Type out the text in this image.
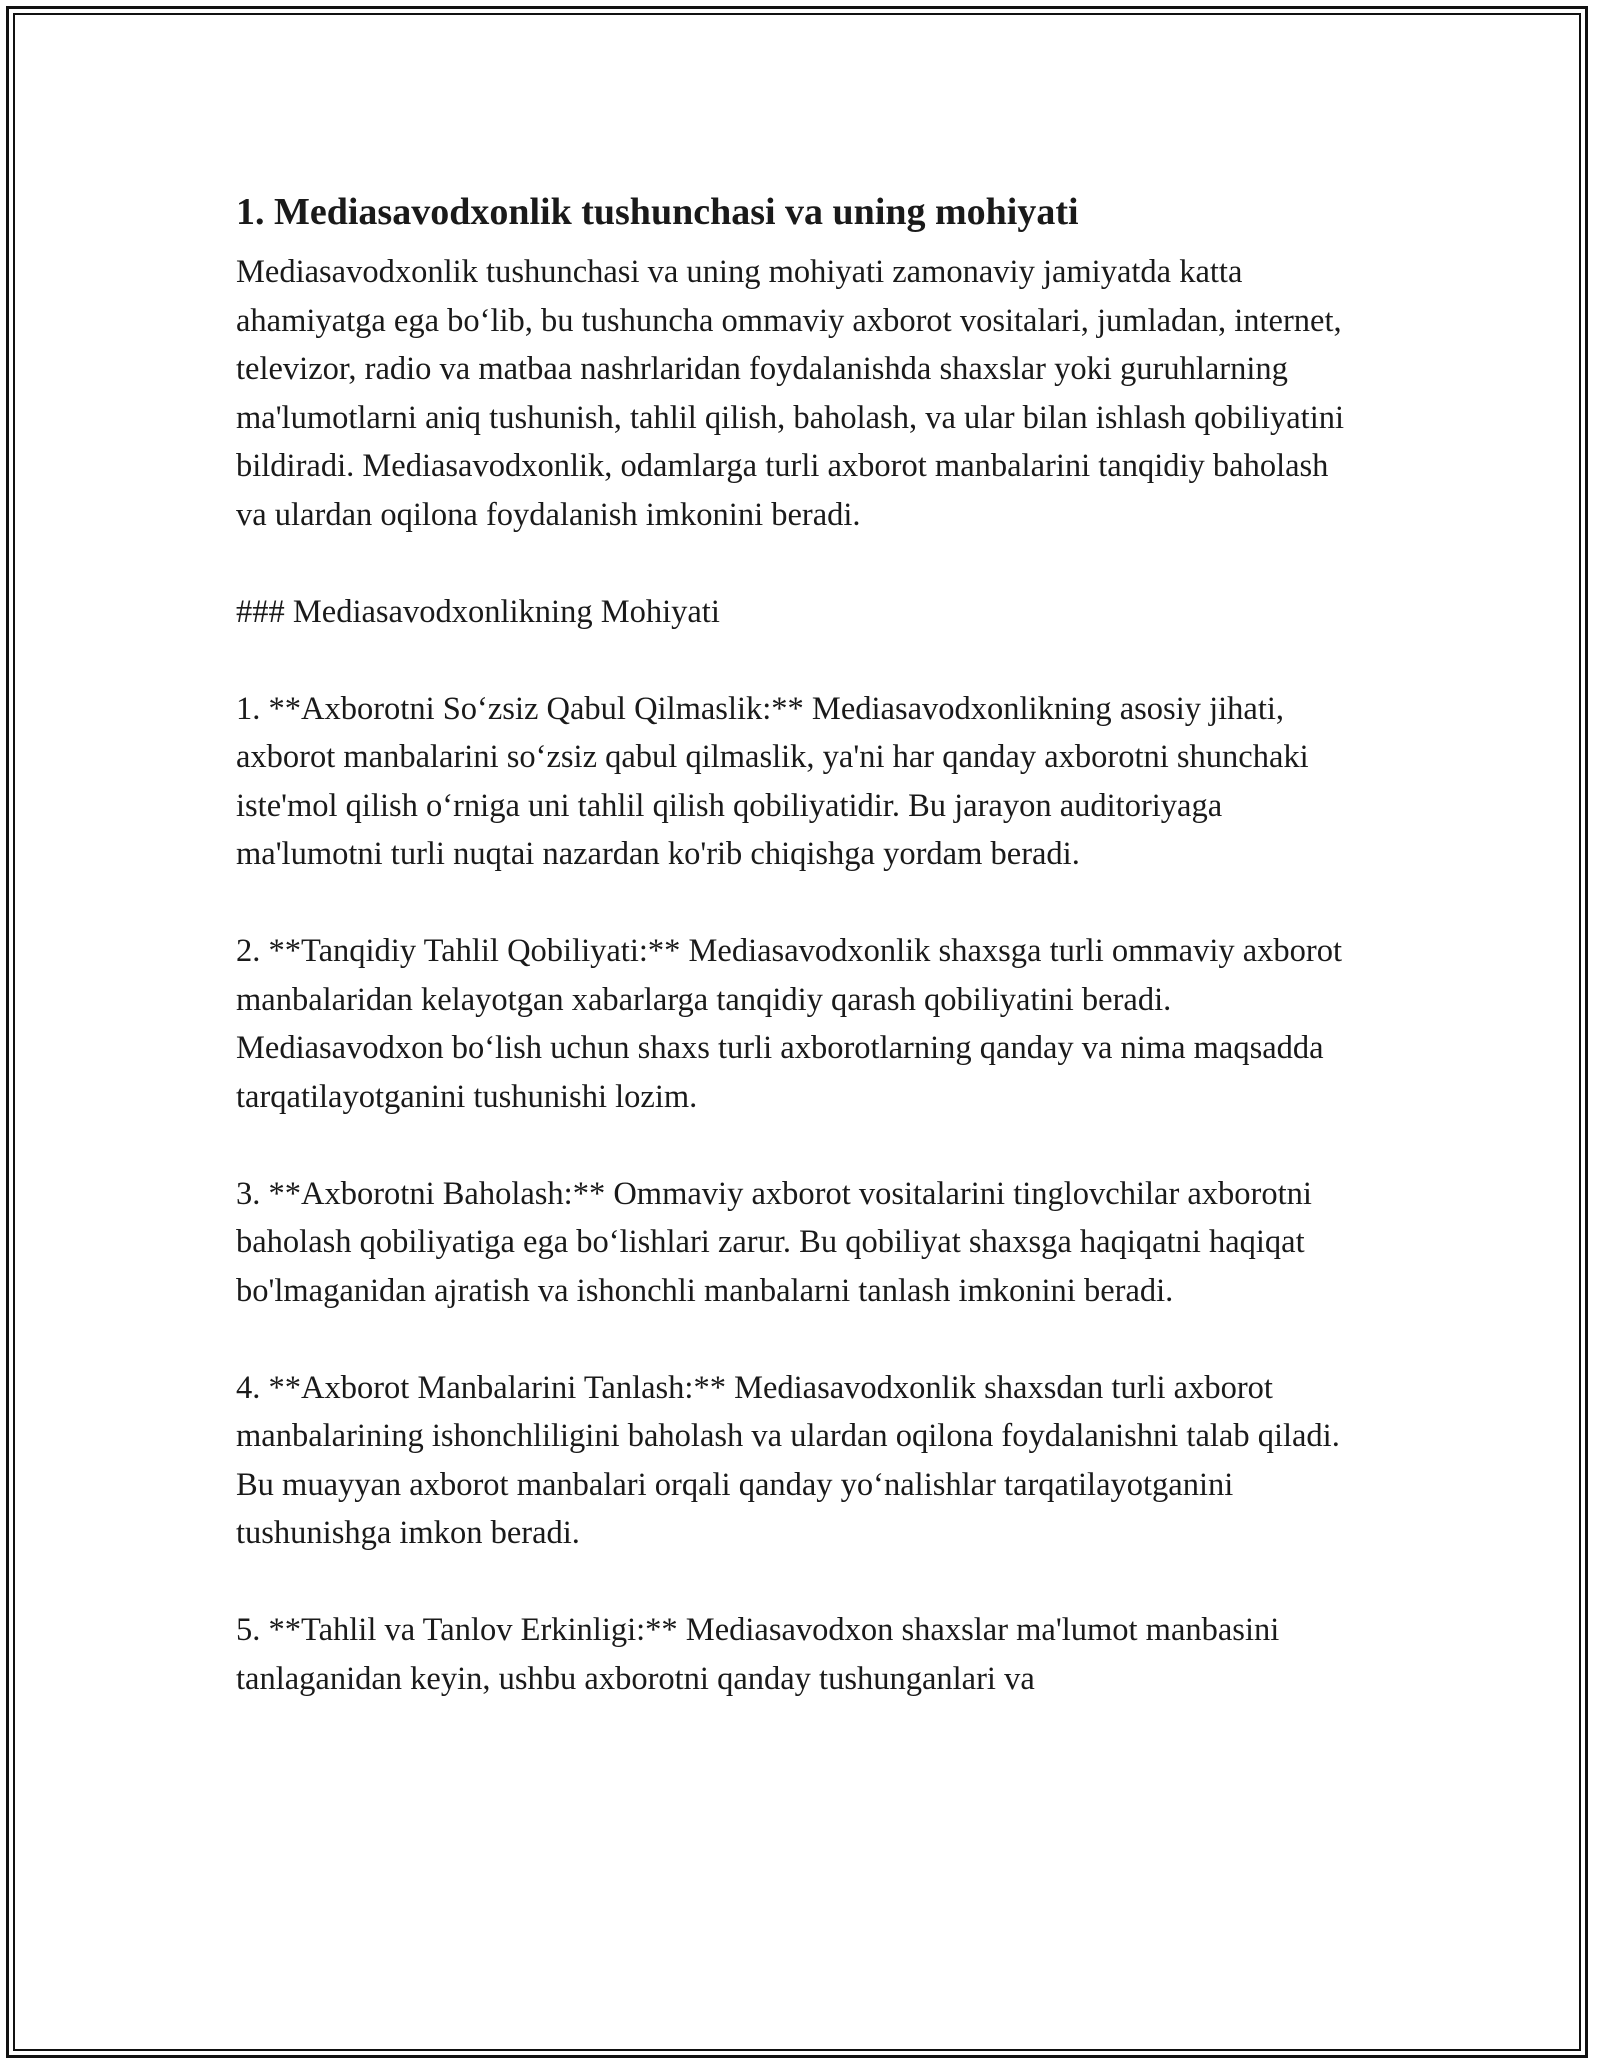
1. Mediasavodxonlik tushunchasi va uning mohiyati

Mediasavodxonlik tushunchasi va uning mohiyati zamonaviy jamiyatda katta ahamiyatga ega bo‘lib, bu tushuncha ommaviy axborot vositalari, jumladan, internet, televizor, radio va matbaa nashrlaridan foydalanishda shaxslar yoki guruhlarning ma'lumotlarni aniq tushunish, tahlil qilish, baholash, va ular bilan ishlash qobiliyatini bildiradi. Mediasavodxonlik, odamlarga turli axborot manbalarini tanqidiy baholash va ulardan oqilona foydalanish imkonini beradi.

### Mediasavodxonlikning Mohiyati

1. **Axborotni So‘zsiz Qabul Qilmaslik:** Mediasavodxonlikning asosiy jihati, axborot manbalarini so‘zsiz qabul qilmaslik, ya'ni har qanday axborotni shunchaki iste'mol qilish o‘rniga uni tahlil qilish qobiliyatidir. Bu jarayon auditoriyaga ma'lumotni turli nuqtai nazardan ko'rib chiqishga yordam beradi.

2. **Tanqidiy Tahlil Qobiliyati:** Mediasavodxonlik shaxsga turli ommaviy axborot manbalaridan kelayotgan xabarlarga tanqidiy qarash qobiliyatini beradi. Mediasavodxon bo‘lish uchun shaxs turli axborotlarning qanday va nima maqsadda tarqatilayotganini tushunishi lozim.

3. **Axborotni Baholash:** Ommaviy axborot vositalarini tinglovchilar axborotni baholash qobiliyatiga ega bo‘lishlari zarur. Bu qobiliyat shaxsga haqiqatni haqiqat bo'lmaganidan ajratish va ishonchli manbalarni tanlash imkonini beradi.

4. **Axborot Manbalarini Tanlash:** Mediasavodxonlik shaxsdan turli axborot manbalarining ishonchliligini baholash va ulardan oqilona foydalanishni talab qiladi. Bu muayyan axborot manbalari orqali qanday yo‘nalishlar tarqatilayotganini tushunishga imkon beradi.

5. **Tahlil va Tanlov Erkinligi:** Mediasavodxon shaxslar ma'lumot manbasini tanlaganidan keyin, ushbu axborotni qanday tushunganlari va
